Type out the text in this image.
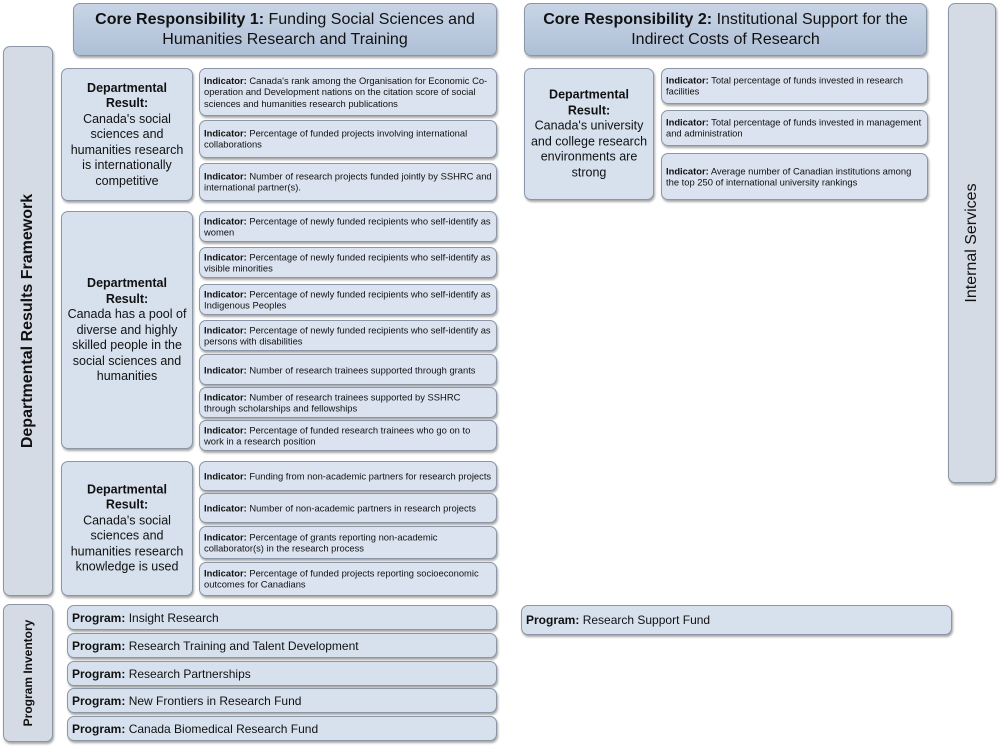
Core Responsibility 1: Funding Social Sciences and Humanities Research and Training
Core Responsibility 2: Institutional Support for the Indirect Costs of Research
Departmental Results Framework
Program Inventory
Internal Services
Departmental Result:
Canada's social sciences and humanities research is internationally competitive
Departmental Result:
Canada has a pool of diverse and highly skilled people in the social sciences and humanities
Departmental Result:
Canada's social sciences and humanities research knowledge is used
Departmental Result:
Canada's university and college research environments are strong
Indicator: Canada's rank among the Organisation for Economic Co-operation and Development nations on the citation score of social sciences and humanities research publications
Indicator: Percentage of funded projects involving international collaborations
Indicator: Number of research projects funded jointly by SSHRC and international partner(s).
Indicator: Percentage of newly funded recipients who self-identify as women
Indicator: Percentage of newly funded recipients who self-identify as visible minorities
Indicator: Percentage of newly funded recipients who self-identify as Indigenous Peoples
Indicator: Percentage of newly funded recipients who self-identify as persons with disabilities
Indicator: Number of research trainees supported through grants
Indicator: Number of research trainees supported by SSHRC through scholarships and fellowships
Indicator: Percentage of funded research trainees who go on to work in a research position
Indicator: Funding from non-academic partners for research projects
Indicator: Number of non-academic partners in research projects
Indicator: Percentage of grants reporting non-academic collaborator(s) in the research process
Indicator: Percentage of funded projects reporting socioeconomic outcomes for Canadians
Indicator: Total percentage of funds invested in research facilities
Indicator: Total percentage of funds invested in management and administration
Indicator: Average number of Canadian institutions among the top 250 of international university rankings
Program: Insight Research
Program: Research Training and Talent Development
Program: Research Partnerships
Program: New Frontiers in Research Fund
Program: Canada Biomedical Research Fund
Program: Research Support Fund
